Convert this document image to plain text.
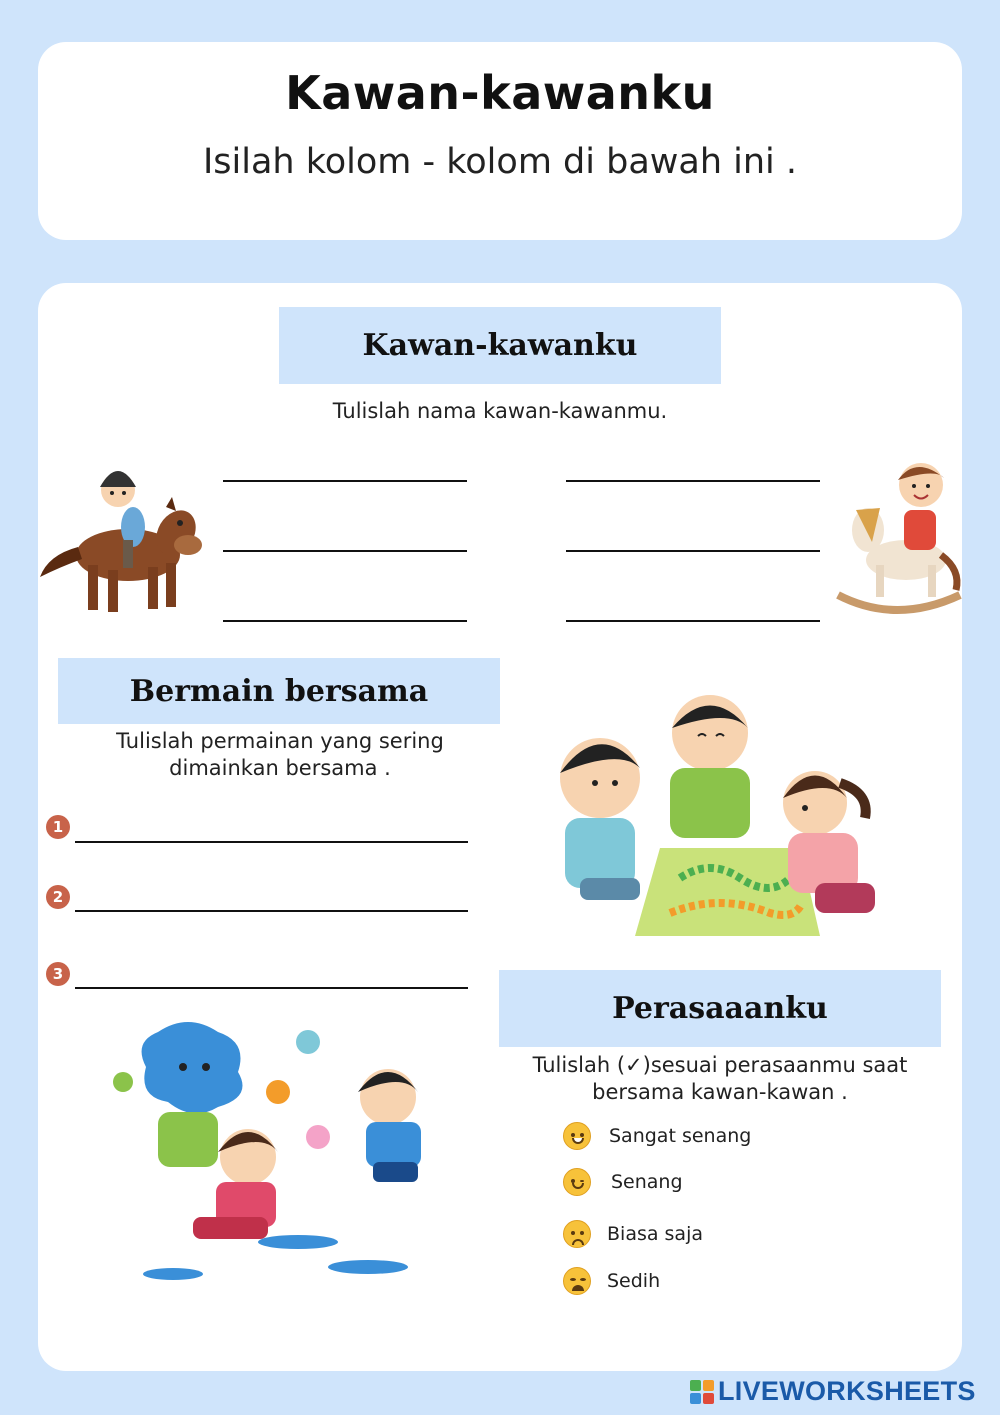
Kawan-kawanku
Isilah kolom - kolom di bawah ini .
Kawan-kawanku
Tulislah nama kawan-kawanmu.
Bermain bersama
Tulislah permainan yang sering
dimainkan bersama .
1
2
3
Perasaaanku
Tulislah (✓)sesuai perasaanmu saat
bersama kawan-kawan .
Sangat senang
Senang
Biasa saja
Sedih
LIVEWORKSHEETS
